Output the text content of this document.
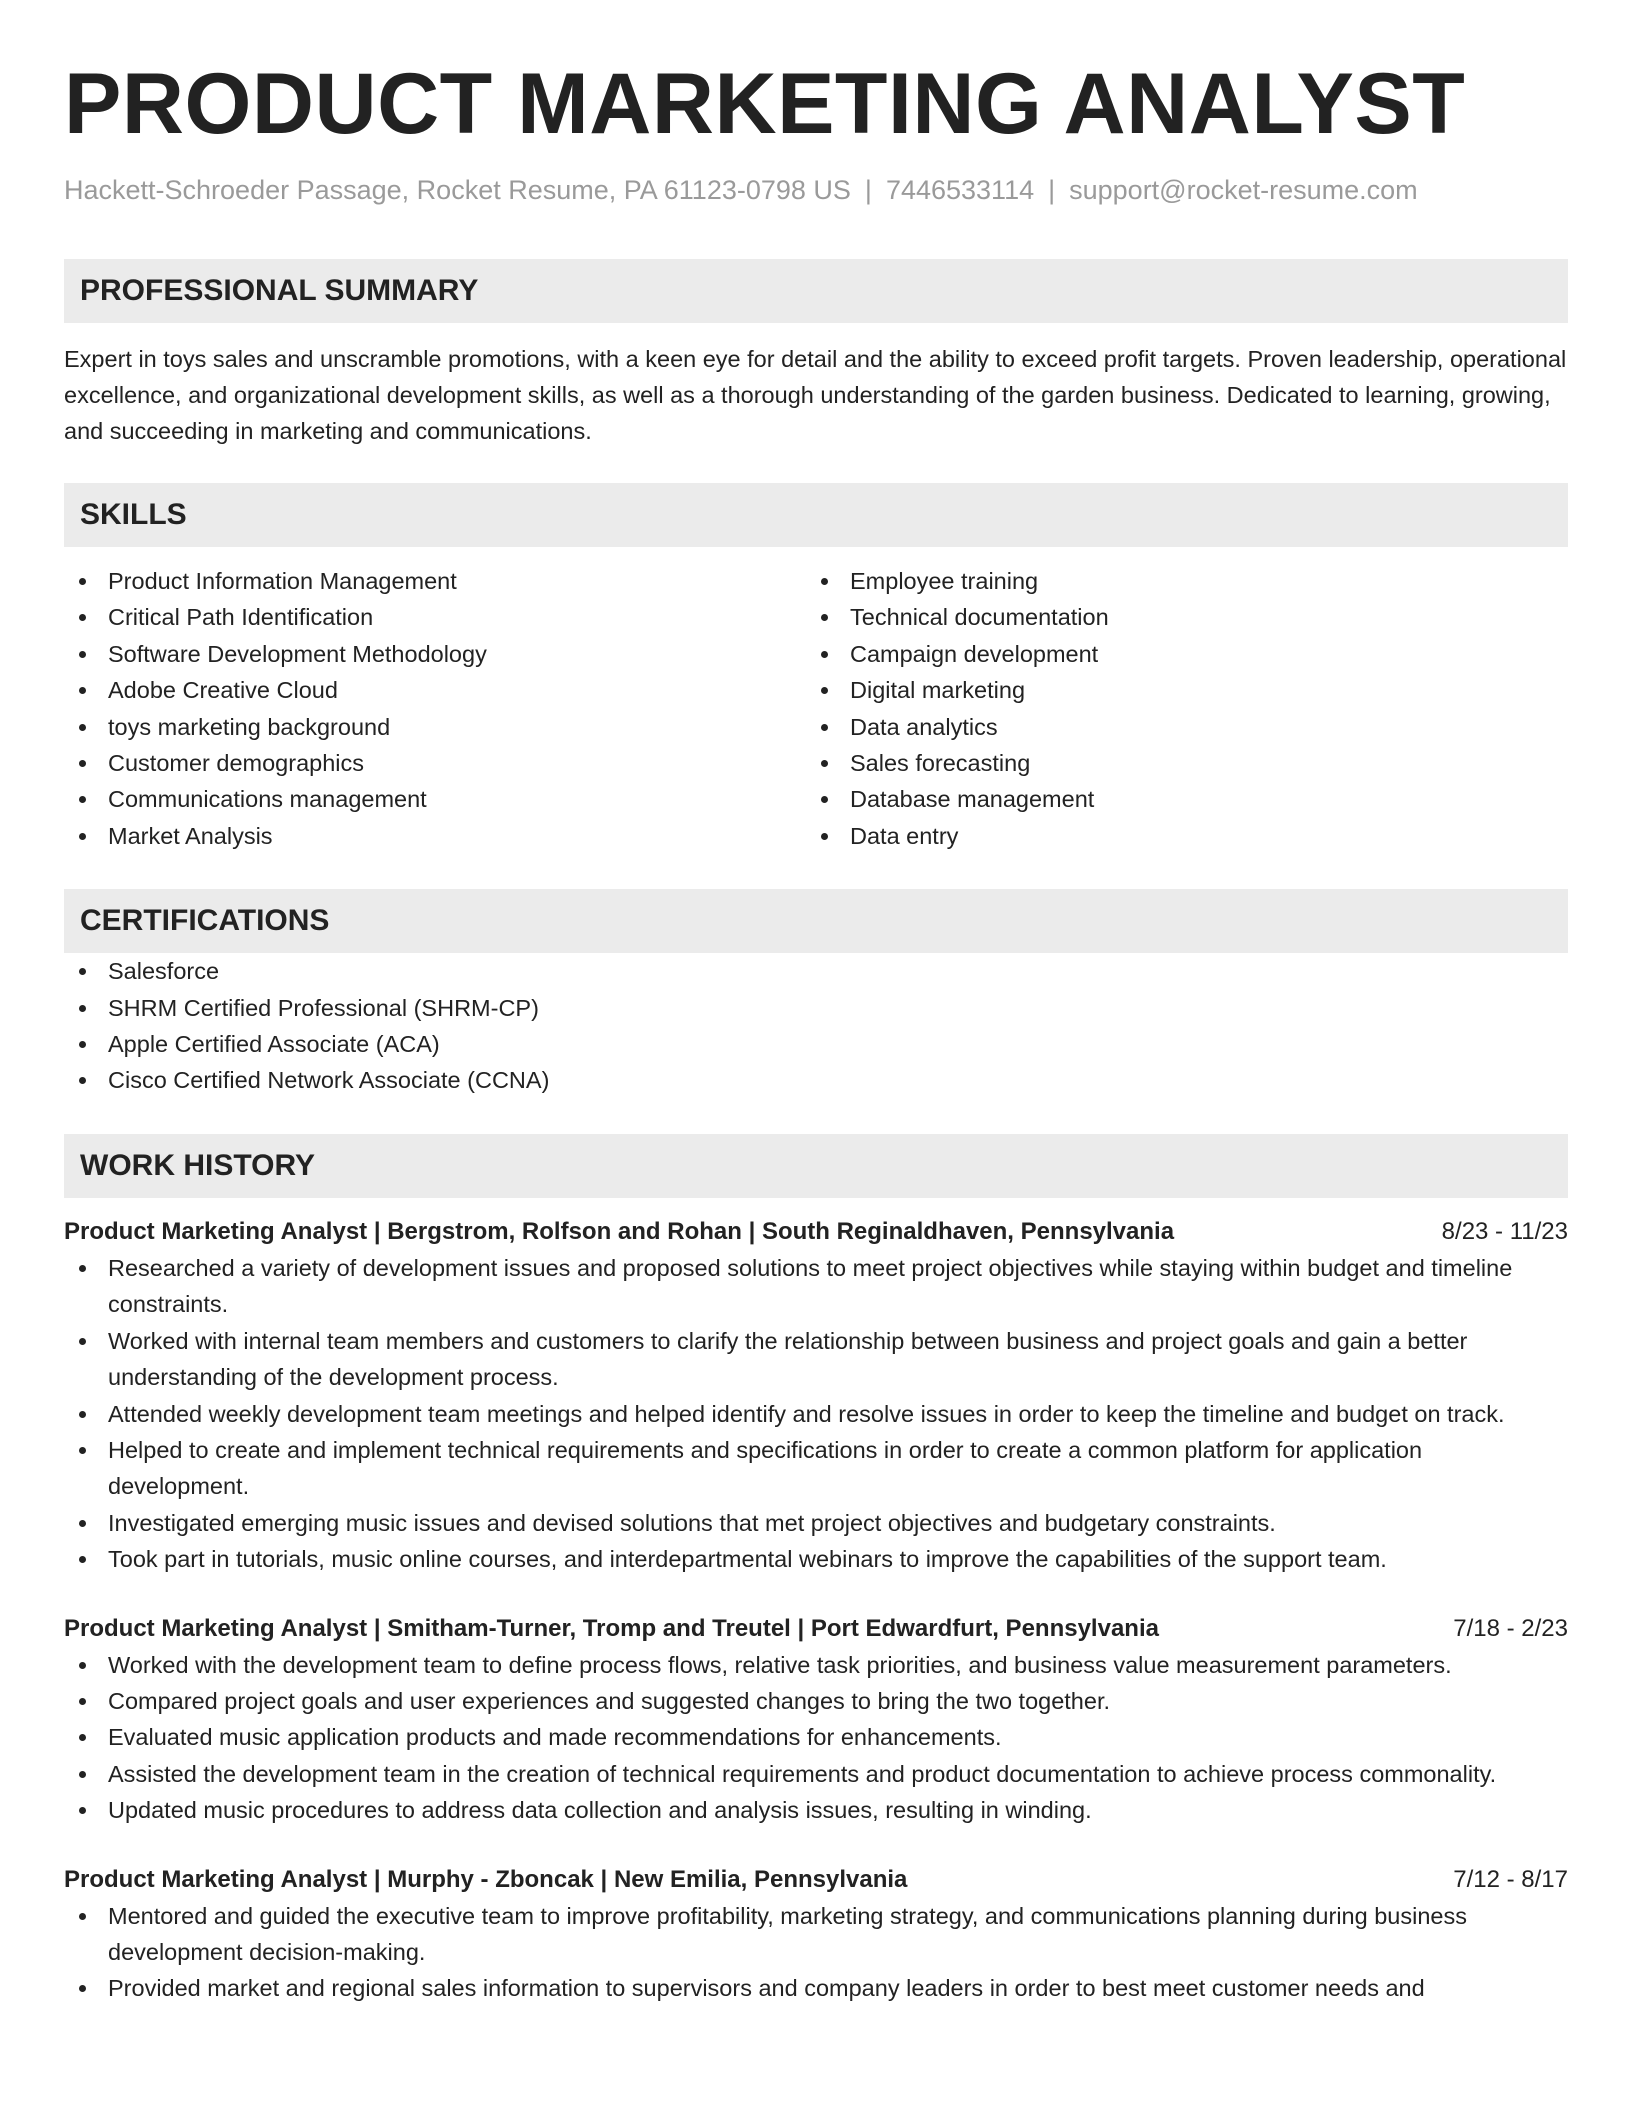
PRODUCT MARKETING ANALYST
Hackett-Schroeder Passage, Rocket Resume, PA 61123-0798 US | 7446533114 | support@rocket-resume.com
PROFESSIONAL SUMMARY

Expert in toys sales and unscramble promotions, with a keen eye for detail and the ability to exceed profit targets. Proven leadership, operational excellence, and organizational development skills, as well as a thorough understanding of the garden business. Dedicated to learning, growing, and succeeding in marketing and communications.

SKILLS
Product Information Management
Critical Path Identification
Software Development Methodology
Adobe Creative Cloud
toys marketing background
Customer demographics
Communications management
Market Analysis
Employee training
Technical documentation
Campaign development
Digital marketing
Data analytics
Sales forecasting
Database management
Data entry
CERTIFICATIONS
Salesforce
SHRM Certified Professional (SHRM-CP)
Apple Certified Associate (ACA)
Cisco Certified Network Associate (CCNA)
WORK HISTORY
Product Marketing Analyst | Bergstrom, Rolfson and Rohan | South Reginaldhaven, Pennsylvania	8/23 - 11/23
Researched a variety of development issues and proposed solutions to meet project objectives while staying within budget and timeline constraints.
Worked with internal team members and customers to clarify the relationship between business and project goals and gain a better understanding of the development process.
Attended weekly development team meetings and helped identify and resolve issues in order to keep the timeline and budget on track.
Helped to create and implement technical requirements and specifications in order to create a common platform for application development.
Investigated emerging music issues and devised solutions that met project objectives and budgetary constraints.
Took part in tutorials, music online courses, and interdepartmental webinars to improve the capabilities of the support team.
Product Marketing Analyst | Smitham-Turner, Tromp and Treutel | Port Edwardfurt, Pennsylvania	7/18 - 2/23
Worked with the development team to define process flows, relative task priorities, and business value measurement parameters.
Compared project goals and user experiences and suggested changes to bring the two together.
Evaluated music application products and made recommendations for enhancements.
Assisted the development team in the creation of technical requirements and product documentation to achieve process commonality.
Updated music procedures to address data collection and analysis issues, resulting in winding.
Product Marketing Analyst | Murphy - Zboncak | New Emilia, Pennsylvania	7/12 - 8/17
Mentored and guided the executive team to improve profitability, marketing strategy, and communications planning during business development decision-making.
Provided market and regional sales information to supervisors and company leaders in order to best meet customer needs and
